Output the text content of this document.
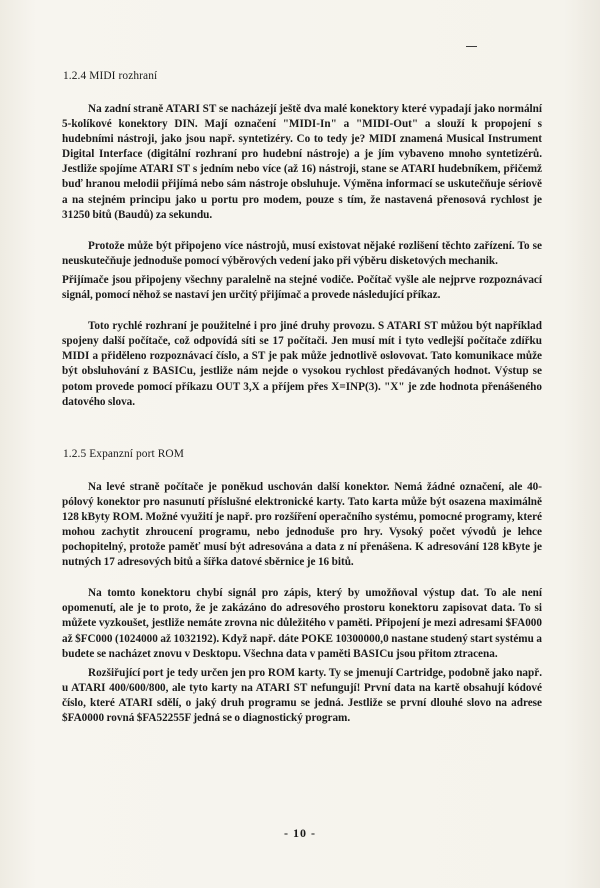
1.2.4 MIDI rozhraní

Na zadní straně ATARI ST se nacházejí ještě dva malé konektory které vypadají jako normální 5-kolíkové konektory DIN. Mají označení "MIDI-In" a "MIDI-Out" a slouží k propojení s hudebními nástroji, jako jsou např. syntetizéry. Co to tedy je? MIDI znamená Musical Instrument Digital Interface (digitální rozhraní pro hudební nástroje) a je jím vybaveno mnoho syntetizérů. Jestliže spojíme ATARI ST s jedním nebo více (až 16) nástroji, stane se ATARI hudebníkem, přičemž buď hranou melodii přijímá nebo sám nástroje obsluhuje. Výměna informací se uskutečňuje sériově a na stejném principu jako u portu pro modem, pouze s tím, že nastavená přenosová rychlost je 31250 bitů (Baudů) za sekundu.

Protože může být připojeno více nástrojů, musí existovat nějaké rozlišení těchto zařízení. To se neuskutečňuje jednoduše pomocí výběrových vedení jako při výběru disketových mechanik.

Přijímače jsou připojeny všechny paralelně na stejné vodiče. Počítač vyšle ale nejprve rozpoznávací signál, pomocí něhož se nastaví jen určitý přijímač a provede následující příkaz.

Toto rychlé rozhraní je použitelné i pro jiné druhy provozu. S ATARI ST můžou být například spojeny další počítače, což odpovídá síti se 17 počítači. Jen musí mít i tyto vedlejší počítače zdířku MIDI a přiděleno rozpoznávací číslo, a ST je pak může jednotlivě oslovovat. Tato komunikace může být obsluhování z BASICu, jestliže nám nejde o vysokou rychlost předávaných hodnot. Výstup se potom provede pomocí příkazu OUT 3,X a příjem přes X=INP(3). "X" je zde hodnota přenášeného datového slova.

1.2.5 Expanzní port ROM

Na levé straně počítače je poněkud uschován další konektor. Nemá žádné označení, ale 40-pólový konektor pro nasunutí příslušné elektronické karty. Tato karta může být osazena maximálně 128 kByty ROM. Možné využití je např. pro rozšíření operačního systému, pomocné programy, které mohou zachytit zhroucení programu, nebo jednoduše pro hry. Vysoký počet vývodů je lehce pochopitelný, protože paměť musí být adresována a data z ní přenášena. K adresování 128 kByte je nutných 17 adresových bitů a šířka datové sběrnice je 16 bitů.

Na tomto konektoru chybí signál pro zápis, který by umožňoval výstup dat. To ale není opomenutí, ale je to proto, že je zakázáno do adresového prostoru konektoru zapisovat data. To si můžete vyzkoušet, jestliže nemáte zrovna nic důležitého v paměti. Připojení je mezi adresami $FA000 až $FC000 (1024000 až 1032192). Když např. dáte POKE 10300000,0 nastane studený start systému a budete se nacházet znovu v Desktopu. Všechna data v paměti BASICu jsou přitom ztracena.

Rozšiřující port je tedy určen jen pro ROM karty. Ty se jmenují Cartridge, podobně jako např. u ATARI 400/600/800, ale tyto karty na ATARI ST nefungují! První data na kartě obsahují kódové číslo, které ATARI sdělí, o jaký druh programu se jedná. Jestliže se první dlouhé slovo na adrese $FA0000 rovná $FA52255F jedná se o diagnostický program.

- 10 -
